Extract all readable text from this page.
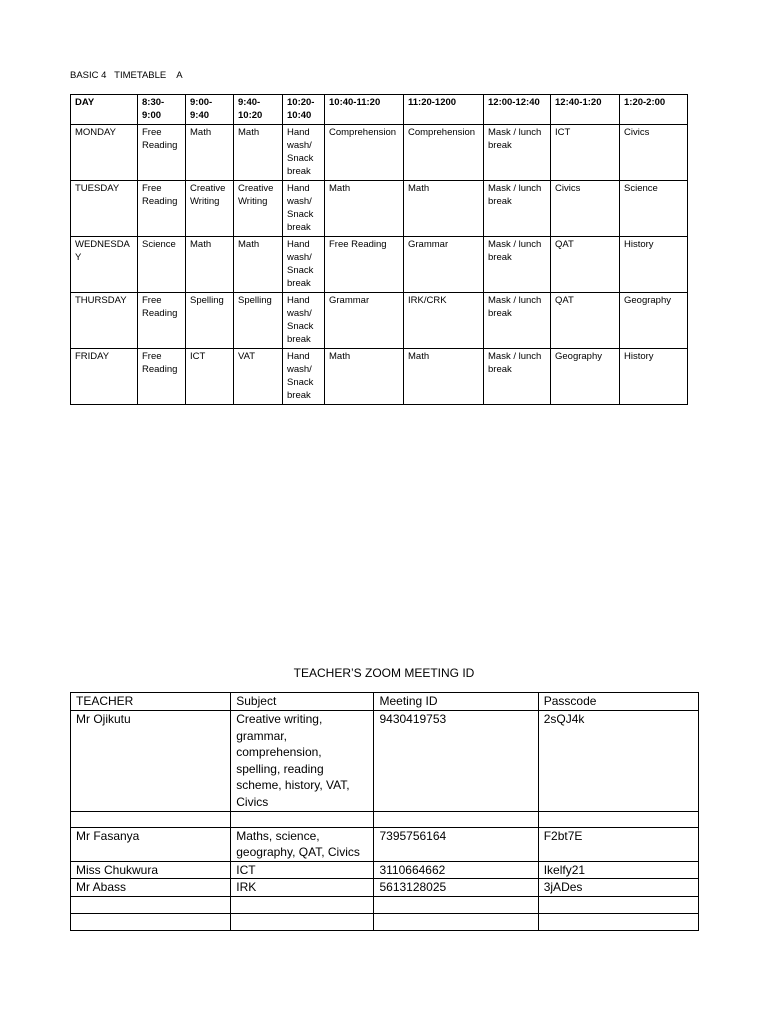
BASIC 4   TIMETABLE    A
DAY	8:30-9:00	9:00-9:40	9:40-10:20	10:20-10:40	10:40-11:20	11:20-1200	12:00-12:40	12:40-1:20	1:20-2:00
MONDAY	Free Reading	Math	Math	Hand wash/ Snack break	Comprehension	Comprehension	Mask / lunch break	ICT	Civics
TUESDAY	Free Reading	Creative Writing	Creative Writing	Hand wash/ Snack break	Math	Math	Mask / lunch break	Civics	Science
WEDNESDAY	Science	Math	Math	Hand wash/ Snack break	Free Reading	Grammar	Mask / lunch break	QAT	History
THURSDAY	Free Reading	Spelling	Spelling	Hand wash/ Snack break	Grammar	IRK/CRK	Mask / lunch break	QAT	Geography
FRIDAY	Free Reading	ICT	VAT	Hand wash/ Snack break	Math	Math	Mask / lunch break	Geography	History
TEACHER’S ZOOM MEETING ID
TEACHER	Subject	Meeting ID	Passcode
Mr Ojikutu	Creative writing, grammar, comprehension, spelling, reading scheme, history, VAT, Civics	9430419753	2sQJ4k

Mr Fasanya	Maths, science, geography, QAT, Civics	7395756164	F2bt7E
Miss Chukwura	ICT	3110664662	Ikelfy21
Mr Abass	IRK	5613128025	3jADes
